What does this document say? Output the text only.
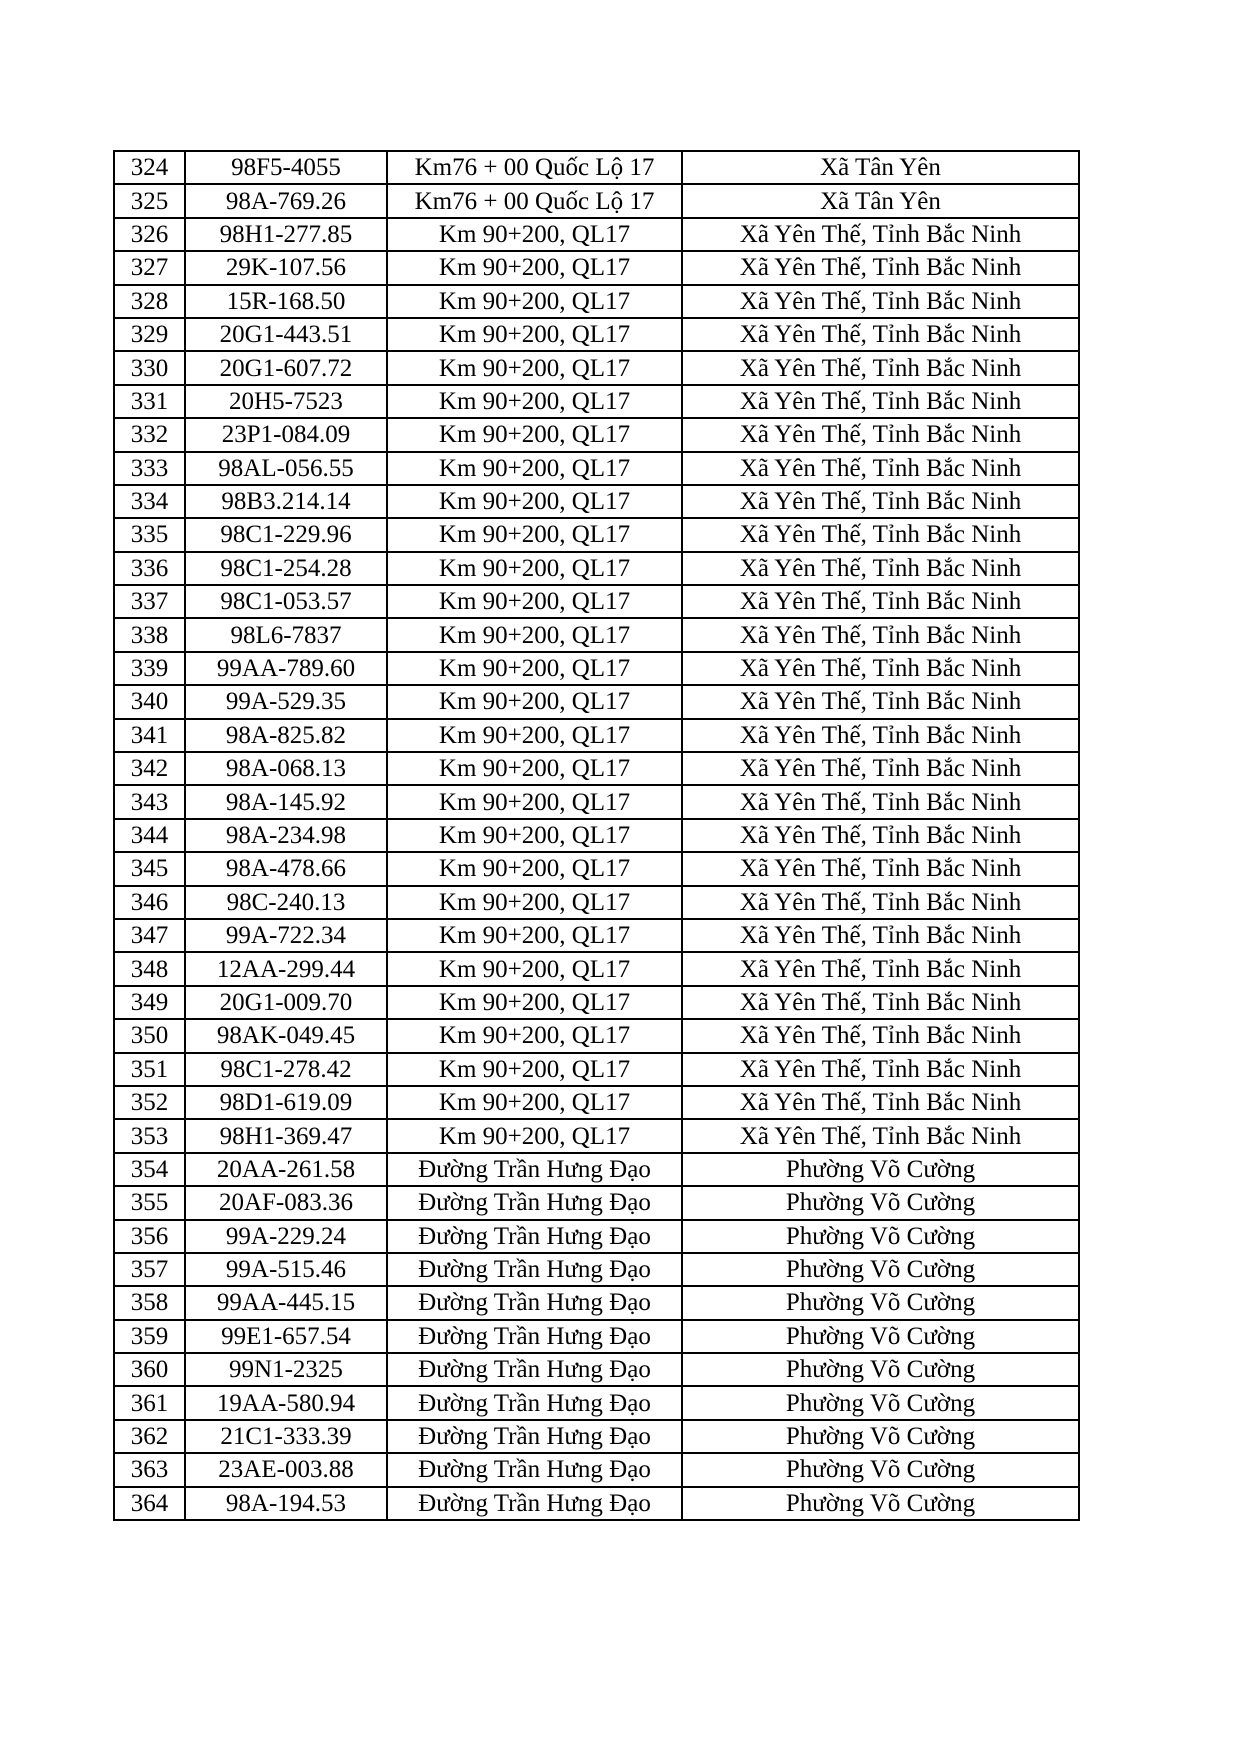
324	98F5-4055	Km76 + 00 Quốc Lộ 17	Xã Tân Yên
325	98A-769.26	Km76 + 00 Quốc Lộ 17	Xã Tân Yên
326	98H1-277.85	Km 90+200, QL17	Xã Yên Thế, Tỉnh Bắc Ninh
327	29K-107.56	Km 90+200, QL17	Xã Yên Thế, Tỉnh Bắc Ninh
328	15R-168.50	Km 90+200, QL17	Xã Yên Thế, Tỉnh Bắc Ninh
329	20G1-443.51	Km 90+200, QL17	Xã Yên Thế, Tỉnh Bắc Ninh
330	20G1-607.72	Km 90+200, QL17	Xã Yên Thế, Tỉnh Bắc Ninh
331	20H5-7523	Km 90+200, QL17	Xã Yên Thế, Tỉnh Bắc Ninh
332	23P1-084.09	Km 90+200, QL17	Xã Yên Thế, Tỉnh Bắc Ninh
333	98AL-056.55	Km 90+200, QL17	Xã Yên Thế, Tỉnh Bắc Ninh
334	98B3.214.14	Km 90+200, QL17	Xã Yên Thế, Tỉnh Bắc Ninh
335	98C1-229.96	Km 90+200, QL17	Xã Yên Thế, Tỉnh Bắc Ninh
336	98C1-254.28	Km 90+200, QL17	Xã Yên Thế, Tỉnh Bắc Ninh
337	98C1-053.57	Km 90+200, QL17	Xã Yên Thế, Tỉnh Bắc Ninh
338	98L6-7837	Km 90+200, QL17	Xã Yên Thế, Tỉnh Bắc Ninh
339	99AA-789.60	Km 90+200, QL17	Xã Yên Thế, Tỉnh Bắc Ninh
340	99A-529.35	Km 90+200, QL17	Xã Yên Thế, Tỉnh Bắc Ninh
341	98A-825.82	Km 90+200, QL17	Xã Yên Thế, Tỉnh Bắc Ninh
342	98A-068.13	Km 90+200, QL17	Xã Yên Thế, Tỉnh Bắc Ninh
343	98A-145.92	Km 90+200, QL17	Xã Yên Thế, Tỉnh Bắc Ninh
344	98A-234.98	Km 90+200, QL17	Xã Yên Thế, Tỉnh Bắc Ninh
345	98A-478.66	Km 90+200, QL17	Xã Yên Thế, Tỉnh Bắc Ninh
346	98C-240.13	Km 90+200, QL17	Xã Yên Thế, Tỉnh Bắc Ninh
347	99A-722.34	Km 90+200, QL17	Xã Yên Thế, Tỉnh Bắc Ninh
348	12AA-299.44	Km 90+200, QL17	Xã Yên Thế, Tỉnh Bắc Ninh
349	20G1-009.70	Km 90+200, QL17	Xã Yên Thế, Tỉnh Bắc Ninh
350	98AK-049.45	Km 90+200, QL17	Xã Yên Thế, Tỉnh Bắc Ninh
351	98C1-278.42	Km 90+200, QL17	Xã Yên Thế, Tỉnh Bắc Ninh
352	98D1-619.09	Km 90+200, QL17	Xã Yên Thế, Tỉnh Bắc Ninh
353	98H1-369.47	Km 90+200, QL17	Xã Yên Thế, Tỉnh Bắc Ninh
354	20AA-261.58	Đường Trần Hưng Đạo	Phường Võ Cường
355	20AF-083.36	Đường Trần Hưng Đạo	Phường Võ Cường
356	99A-229.24	Đường Trần Hưng Đạo	Phường Võ Cường
357	99A-515.46	Đường Trần Hưng Đạo	Phường Võ Cường
358	99AA-445.15	Đường Trần Hưng Đạo	Phường Võ Cường
359	99E1-657.54	Đường Trần Hưng Đạo	Phường Võ Cường
360	99N1-2325	Đường Trần Hưng Đạo	Phường Võ Cường
361	19AA-580.94	Đường Trần Hưng Đạo	Phường Võ Cường
362	21C1-333.39	Đường Trần Hưng Đạo	Phường Võ Cường
363	23AE-003.88	Đường Trần Hưng Đạo	Phường Võ Cường
364	98A-194.53	Đường Trần Hưng Đạo	Phường Võ Cường
